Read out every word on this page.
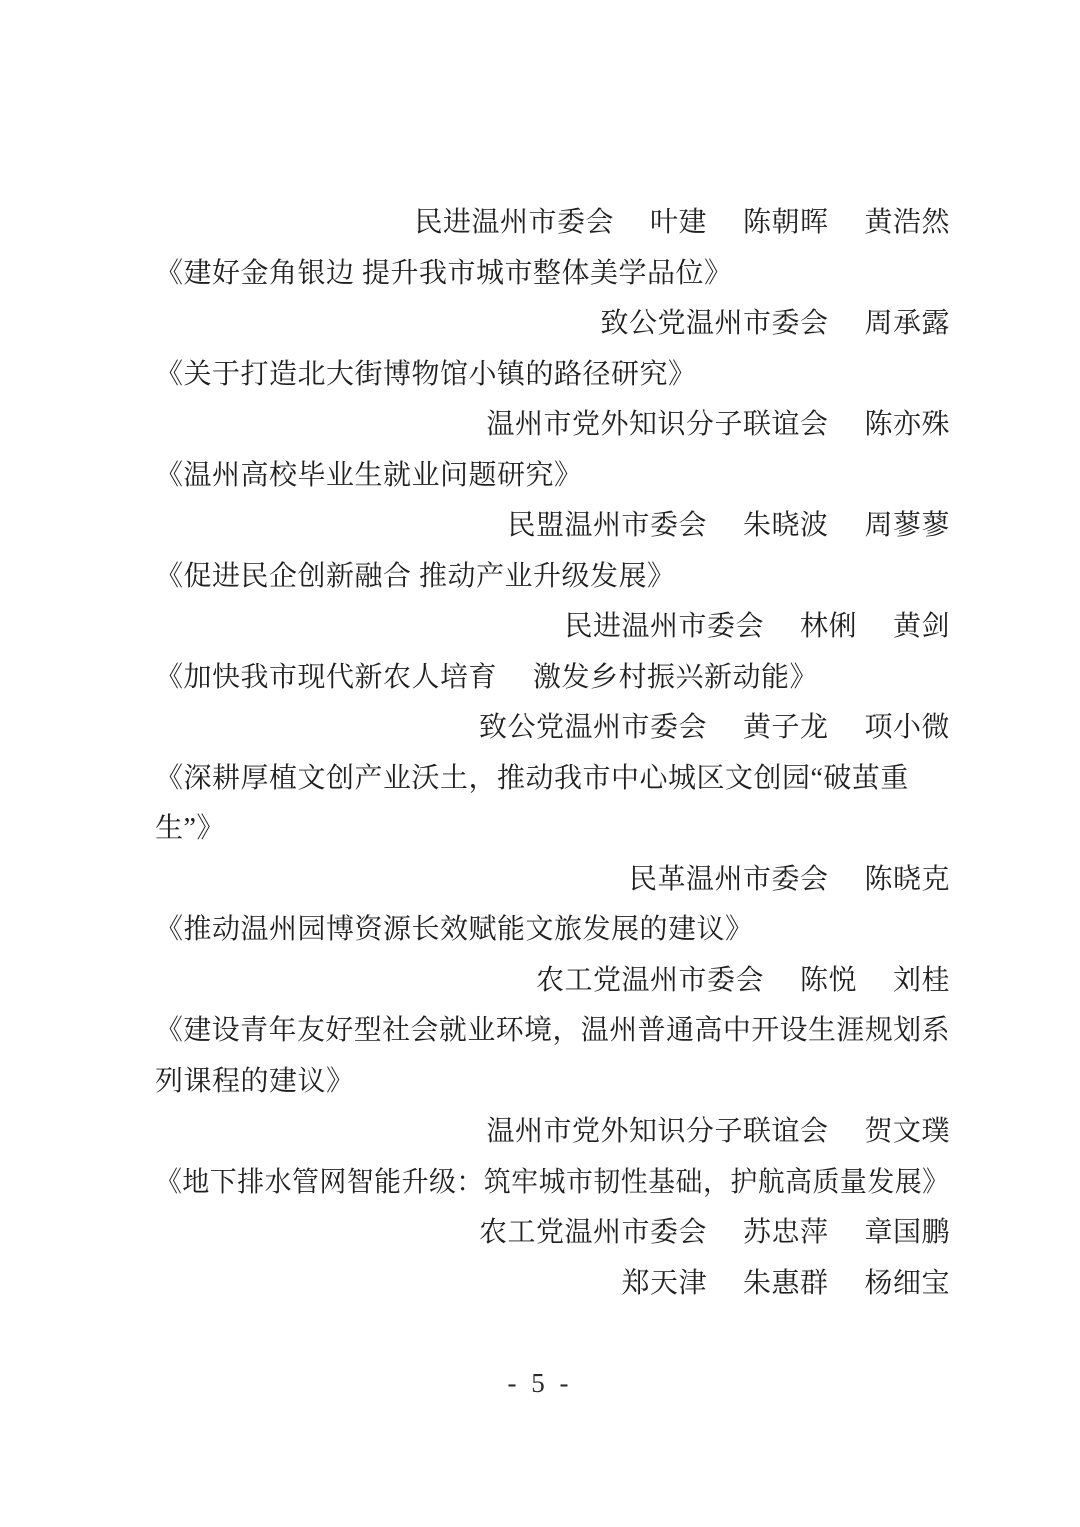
民进温州市委会　 叶建　 陈朝晖　 黄浩然
《建好金角银边 提升我市城市整体美学品位》
致公党温州市委会　 周承露
《关于打造北大街博物馆小镇的路径研究》
温州市党外知识分子联谊会　 陈亦殊
《温州高校毕业生就业问题研究》
民盟温州市委会　 朱晓波　 周蓼蓼
《促进民企创新融合 推动产业升级发展》
民进温州市委会　 林俐　 黄剑
《加快我市现代新农人培育　 激发乡村振兴新动能》
致公党温州市委会　 黄子龙　 项小微
《深耕厚植文创产业沃土，推动我市中心城区文创园“破茧重
生”》
民革温州市委会　 陈晓克
《推动温州园博资源长效赋能文旅发展的建议》
农工党温州市委会　 陈悦　 刘桂
《建设青年友好型社会就业环境，温州普通高中开设生涯规划系
列课程的建议》
温州市党外知识分子联谊会　 贺文璞
《地下排水管网智能升级：筑牢城市韧性基础，护航高质量发展》
农工党温州市委会　 苏忠萍　 章国鹏
郑天津　 朱惠群　 杨细宝
- 5 -
